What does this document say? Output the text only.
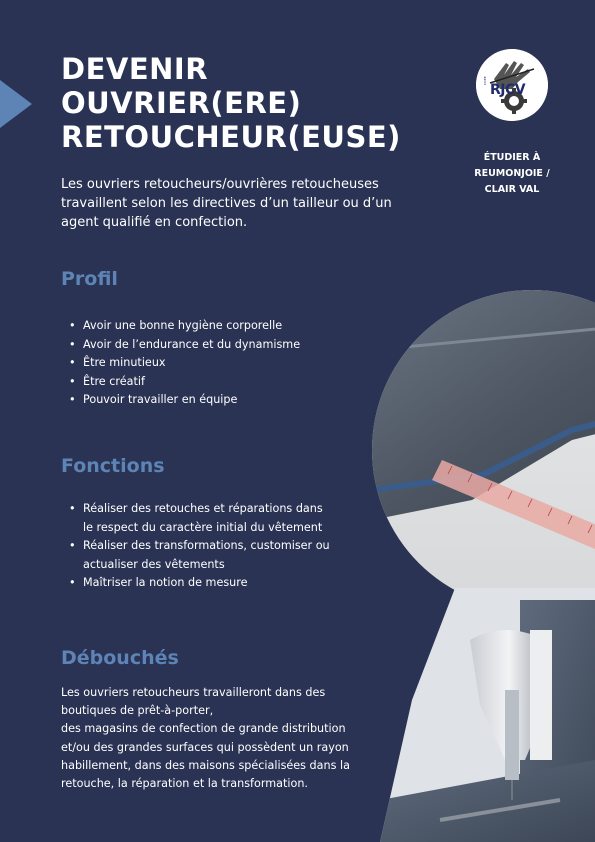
DEVENIR
OUVRIER(ERE)
RETOUCHEUR(EUSE)
RJCV
LYCÉE
ÉTUDIER À
REUMONJOIE /
CLAIR VAL

Les ouvriers retoucheurs/ouvrières retoucheuses travaillent selon les directives d’un tailleur ou d’un agent qualifié en confection.

Profil
• Avoir une bonne hygiène corporelle
• Avoir de l’endurance et du dynamisme
• Être minutieux
• Être créatif
• Pouvoir travailler en équipe
Fonctions
• Réaliser des retouches et réparations dans le respect du caractère initial du vêtement
• Réaliser des transformations, customiser ou actualiser des vêtements
• Maîtriser la notion de mesure
Débouchés

Les ouvriers retoucheurs travailleront dans des boutiques de prêt-à-porter,
des magasins de confection de grande distribution et/ou des grandes surfaces qui possèdent un rayon habillement, dans des maisons spécialisées dans la retouche, la réparation et la transformation.
